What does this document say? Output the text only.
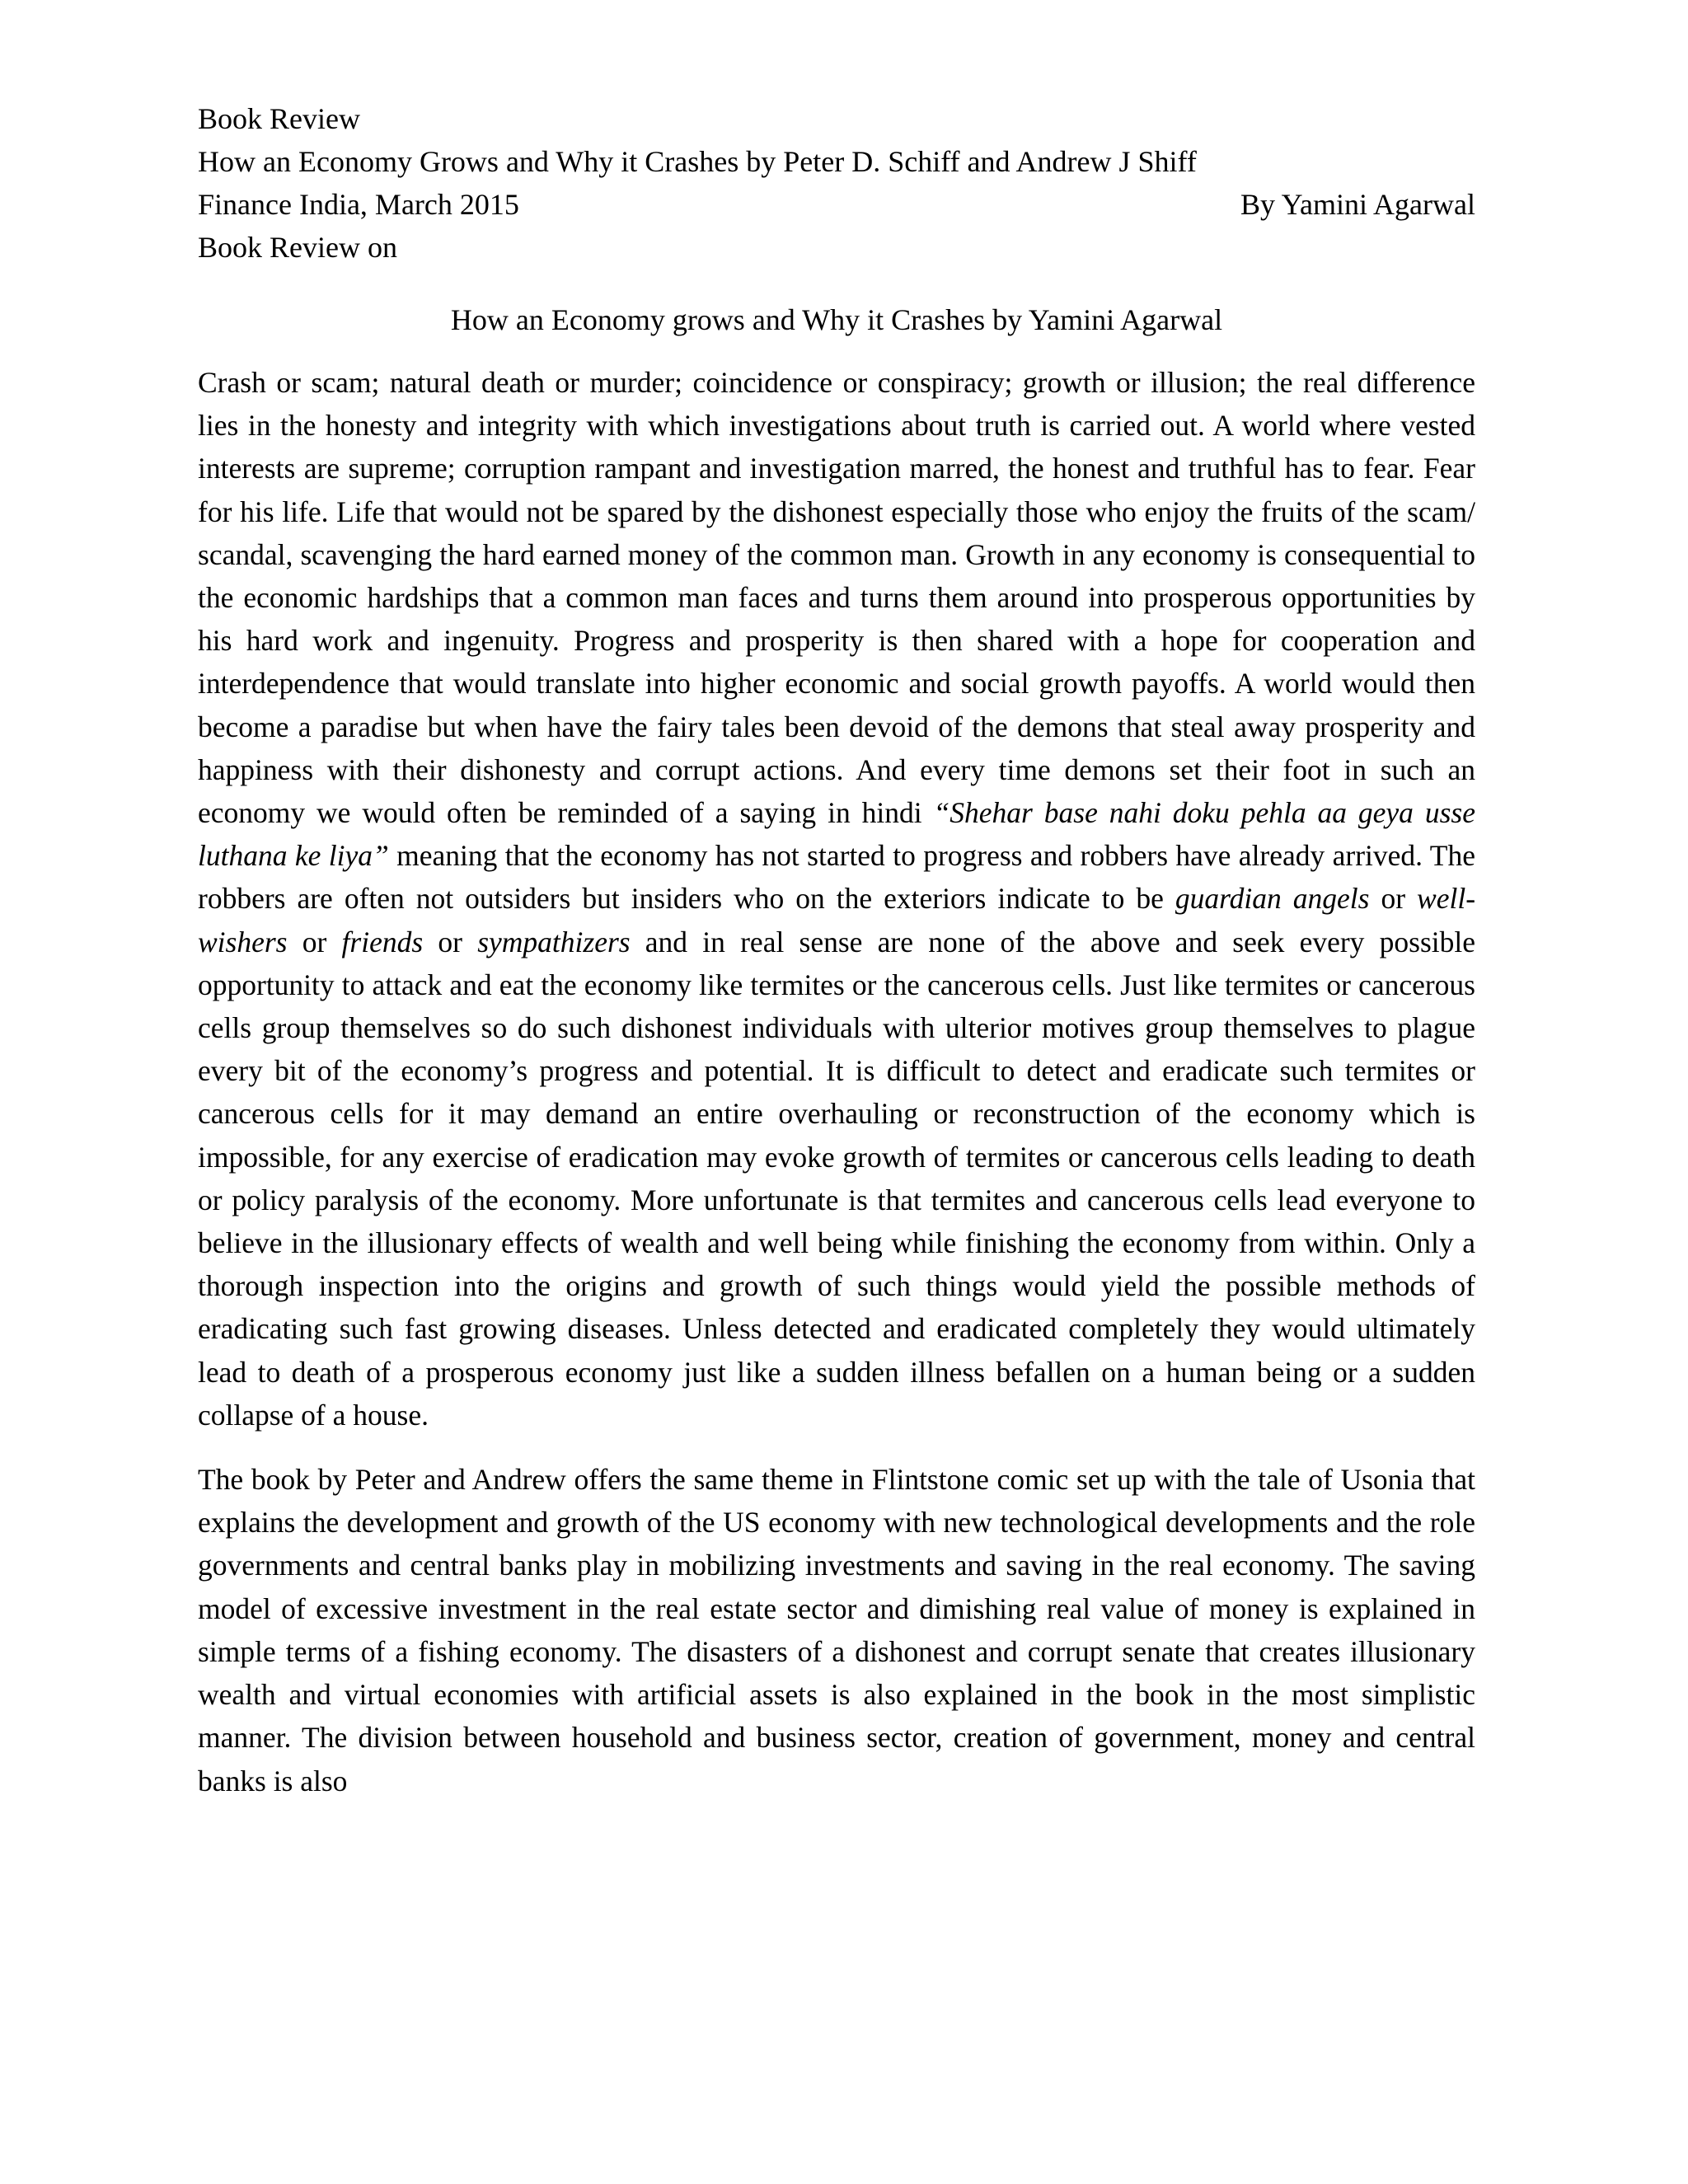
Book Review
How an Economy Grows and Why it Crashes by Peter D. Schiff and Andrew J Shiff
Finance India, March 2015	By Yamini Agarwal
Book Review on
How an Economy grows and Why it Crashes by Yamini Agarwal

Crash or scam; natural death or murder; coincidence or conspiracy; growth or illusion; the real difference lies in the honesty and integrity with which investigations about truth is carried out. A world where vested interests are supreme; corruption rampant and investigation marred, the honest and truthful has to fear. Fear for his life. Life that would not be spared by the dishonest especially those who enjoy the fruits of the scam/ scandal, scavenging the hard earned money of the common man. Growth in any economy is consequential to the economic hardships that a common man faces and turns them around into prosperous opportunities by his hard work and ingenuity. Progress and prosperity is then shared with a hope for cooperation and interdependence that would translate into higher economic and social growth payoffs. A world would then become a paradise but when have the fairy tales been devoid of the demons that steal away prosperity and happiness with their dishonesty and corrupt actions. And every time demons set their foot in such an economy we would often be reminded of a saying in hindi “Shehar base nahi doku pehla aa geya usse luthana ke liya” meaning that the economy has not started to progress and robbers have already arrived. The robbers are often not outsiders but insiders who on the exteriors indicate to be guardian angels or well-wishers or friends or sympathizers and in real sense are none of the above and seek every possible opportunity to attack and eat the economy like termites or the cancerous cells. Just like termites or cancerous cells group themselves so do such dishonest individuals with ulterior motives group themselves to plague every bit of the economy’s progress and potential. It is difficult to detect and eradicate such termites or cancerous cells for it may demand an entire overhauling or reconstruction of the economy which is impossible, for any exercise of eradication may evoke growth of termites or cancerous cells leading to death or policy paralysis of the economy. More unfortunate is that termites and cancerous cells lead everyone to believe in the illusionary effects of wealth and well being while finishing the economy from within. Only a thorough inspection into the origins and growth of such things would yield the possible methods of eradicating such fast growing diseases. Unless detected and eradicated completely they would ultimately lead to death of a prosperous economy just like a sudden illness befallen on a human being or a sudden collapse of a house.

The book by Peter and Andrew offers the same theme in Flintstone comic set up with the tale of Usonia that explains the development and growth of the US economy with new technological developments and the role governments and central banks play in mobilizing investments and saving in the real economy. The saving model of excessive investment in the real estate sector and dimishing real value of money is explained in simple terms of a fishing economy. The disasters of a dishonest and corrupt senate that creates illusionary wealth and virtual economies with artificial assets is also explained in the book in the most simplistic manner. The division between household and business sector, creation of government, money and central banks is also
